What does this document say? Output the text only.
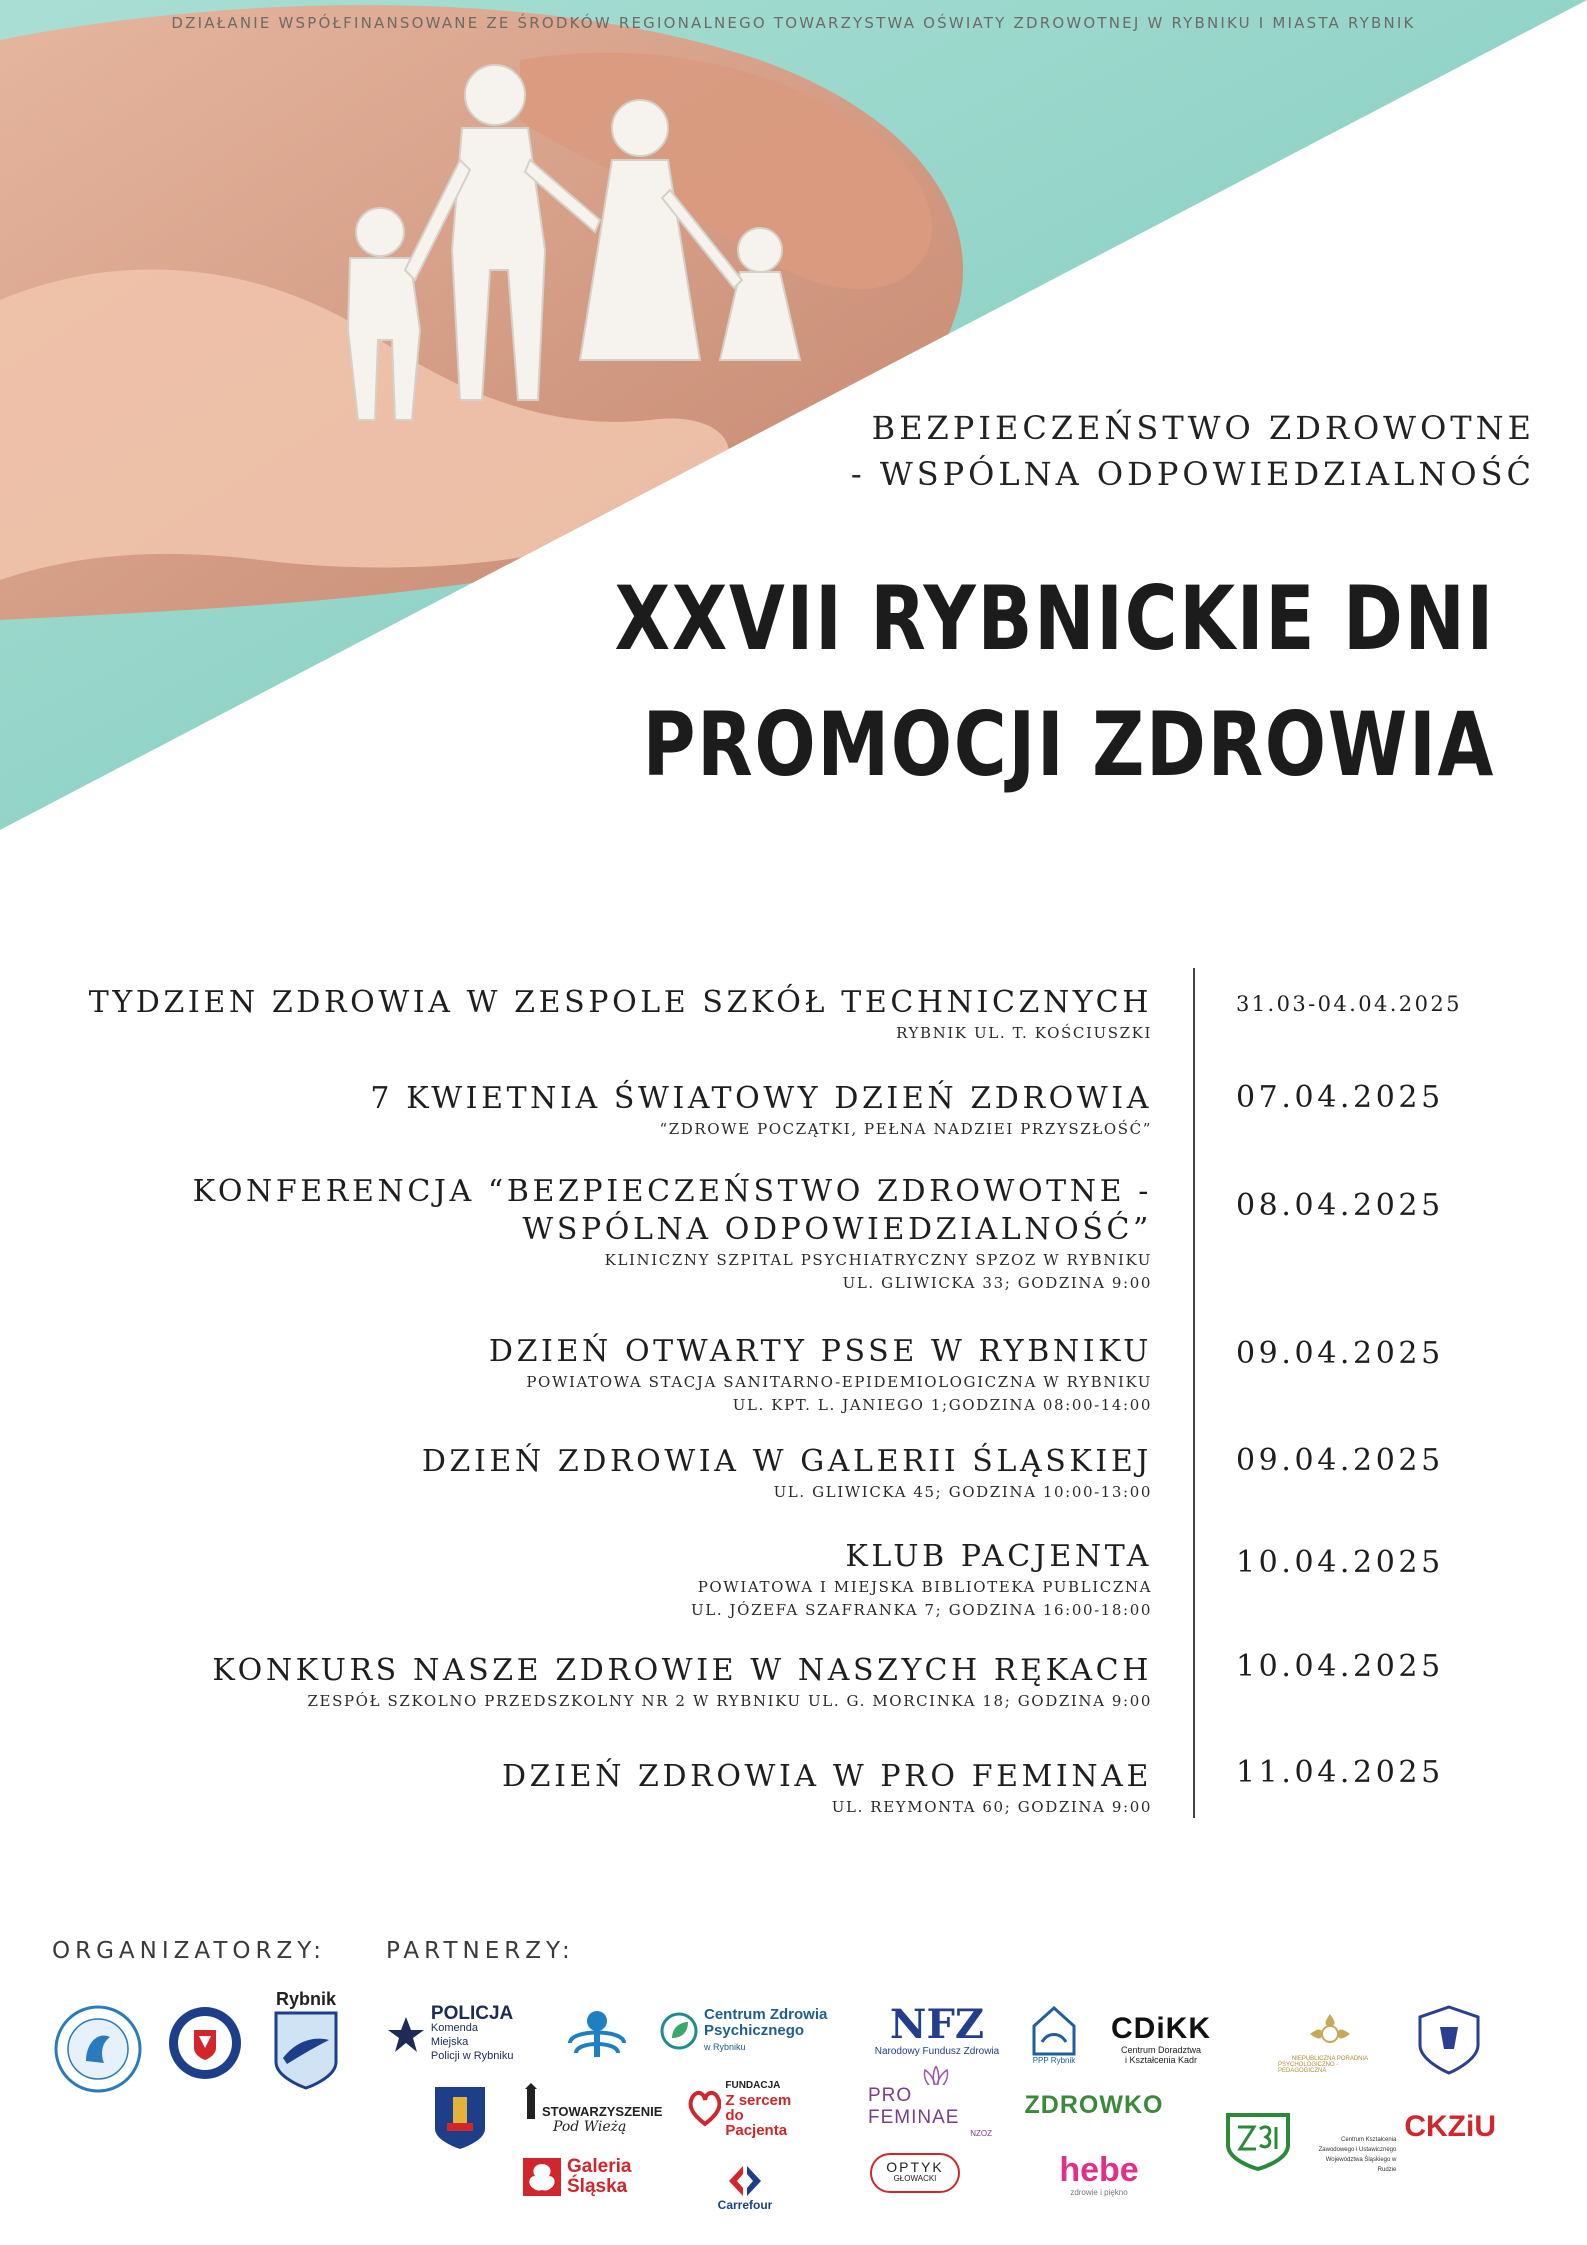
DZIAŁANIE WSPÓŁFINANSOWANE ZE ŚRODKÓW REGIONALNEGO TOWARZYSTWA OŚWIATY ZDROWOTNEJ W RYBNIKU I MIASTA RYBNIK
BEZPIECZEŃSTWO ZDROWOTNE
- WSPÓLNA ODPOWIEDZIALNOŚĆ
XXVII RYBNICKIE DNI
PROMOCJI ZDROWIA
TYDZIEN ZDROWIA W ZESPOLE SZKÓŁ TECHNICZNYCH
RYBNIK UL. T. KOŚCIUSZKI
31.03-04.04.2025
7 KWIETNIA ŚWIATOWY DZIEŃ ZDROWIA
“ZDROWE POCZĄTKI, PEŁNA NADZIEI PRZYSZŁOŚĆ”
07.04.2025
KONFERENCJA “BEZPIECZEŃSTWO ZDROWOTNE -
WSPÓLNA ODPOWIEDZIALNOŚĆ”
KLINICZNY SZPITAL PSYCHIATRYCZNY SPZOZ W RYBNIKU
UL. GLIWICKA 33; GODZINA 9:00
08.04.2025
DZIEŃ OTWARTY PSSE W RYBNIKU
POWIATOWA STACJA SANITARNO-EPIDEMIOLOGICZNA W RYBNIKU
UL. KPT. L. JANIEGO 1;GODZINA 08:00-14:00
09.04.2025
DZIEŃ ZDROWIA W GALERII ŚLĄSKIEJ
UL. GLIWICKA 45; GODZINA 10:00-13:00
09.04.2025
KLUB PACJENTA
POWIATOWA I MIEJSKA BIBLIOTEKA PUBLICZNA
UL. JÓZEFA SZAFRANKA 7; GODZINA 16:00-18:00
10.04.2025
KONKURS NASZE ZDROWIE W NASZYCH RĘKACH
ZESPÓŁ SZKOLNO PRZEDSZKOLNY NR 2 W RYBNIKU UL. G. MORCINKA 18; GODZINA 9:00
10.04.2025
DZIEŃ ZDROWIA W PRO FEMINAE
UL. REYMONTA 60; GODZINA 9:00
11.04.2025
ORGANIZATORZY:	PARTNERZY:
Rybnik
POLICJA
Komenda Miejska
Policji w Rybniku
Centrum Zdrowia
Psychicznego
w Rybniku	NFZ
Narodowy Fundusz Zdrowia
PPP Rybnik
CDiKK
Centrum Doradztwa
i Kształcenia Kadr	NIEPUBLICZNA PORADNIA
PSYCHOLOGICZNO - PEDAGOGICZNA
STOWARZYSZENIE
Pod Wieżą
FUNDACJA
Z sercem
do Pacjenta
PRO FEMINAE
NZOZ
ZDROWKO
Centrum Kształcenia Zawodowego i Ustawicznego
Województwa Śląskiego w Rudzie
CKZiU
Galeria
Śląska
Carrefour
OPTYK
GŁOWACKI	hebe
zdrowie i piękno
